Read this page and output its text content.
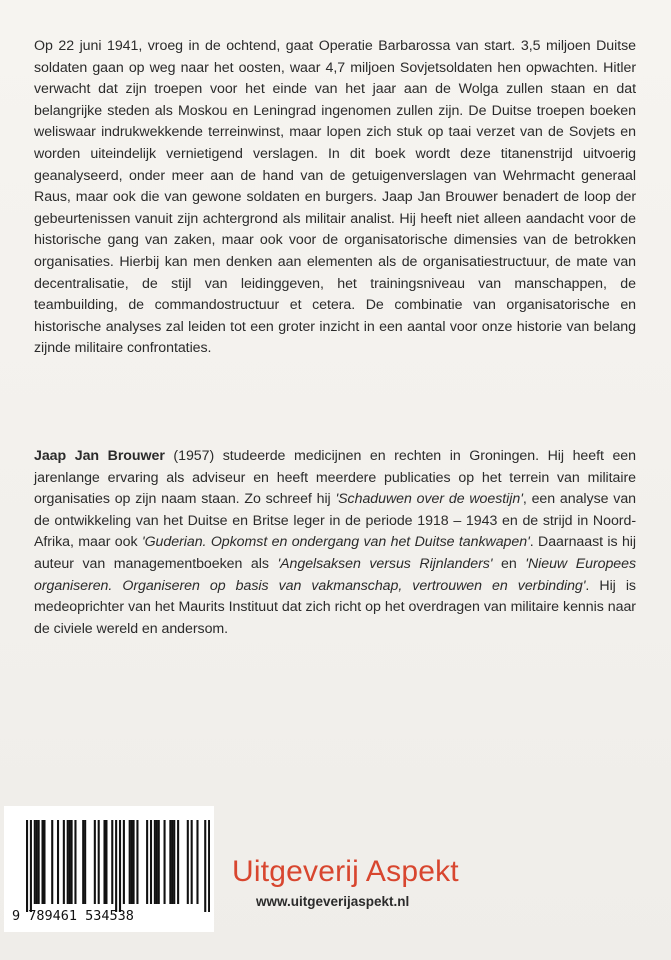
Op 22 juni 1941, vroeg in de ochtend, gaat Operatie Barbarossa van start. 3,5 miljoen Duitse soldaten gaan op weg naar het oosten, waar 4,7 miljoen Sovjetsoldaten hen opwachten. Hitler verwacht dat zijn troepen voor het einde van het jaar aan de Wolga zullen staan en dat belangrijke steden als Moskou en Leningrad ingenomen zullen zijn. De Duitse troepen boeken weliswaar indrukwekkende terreinwinst, maar lopen zich stuk op taai verzet van de Sovjets en worden uiteindelijk vernietigend verslagen. In dit boek wordt deze titanenstrijd uitvoerig geanalyseerd, onder meer aan de hand van de getuigenverslagen van Wehrmacht generaal Raus, maar ook die van gewone soldaten en burgers. Jaap Jan Brouwer benadert de loop der gebeurtenissen vanuit zijn achtergrond als militair analist. Hij heeft niet alleen aandacht voor de historische gang van zaken, maar ook voor de organisatorische dimensies van de betrokken organisaties. Hierbij kan men denken aan elementen als de organisatiestructuur, de mate van decentralisatie, de stijl van leidinggeven, het trainingsniveau van manschappen, de teambuilding, de commandostructuur et cetera. De combinatie van organisatorische en historische analyses zal leiden tot een groter inzicht in een aantal voor onze historie van belang zijnde militaire confrontaties.

Jaap Jan Brouwer (1957) studeerde medicijnen en rechten in Groningen. Hij heeft een jarenlange ervaring als adviseur en heeft meerdere publicaties op het terrein van militaire organisaties op zijn naam staan. Zo schreef hij 'Schaduwen over de woestijn', een analyse van de ontwikkeling van het Duitse en Britse leger in de periode 1918 – 1943 en de strijd in Noord-Afrika, maar ook 'Guderian. Opkomst en ondergang van het Duitse tankwapen'. Daarnaast is hij auteur van managementboeken als 'Angelsaksen versus Rijnlanders' en 'Nieuw Europees organiseren. Organiseren op basis van vakmanschap, vertrouwen en verbinding'. Hij is medeoprichter van het Maurits Instituut dat zich richt op het overdragen van militaire kennis naar de civiele wereld en andersom.

9 789461 534538
Uitgeverij Aspekt
www.uitgeverijaspekt.nl
